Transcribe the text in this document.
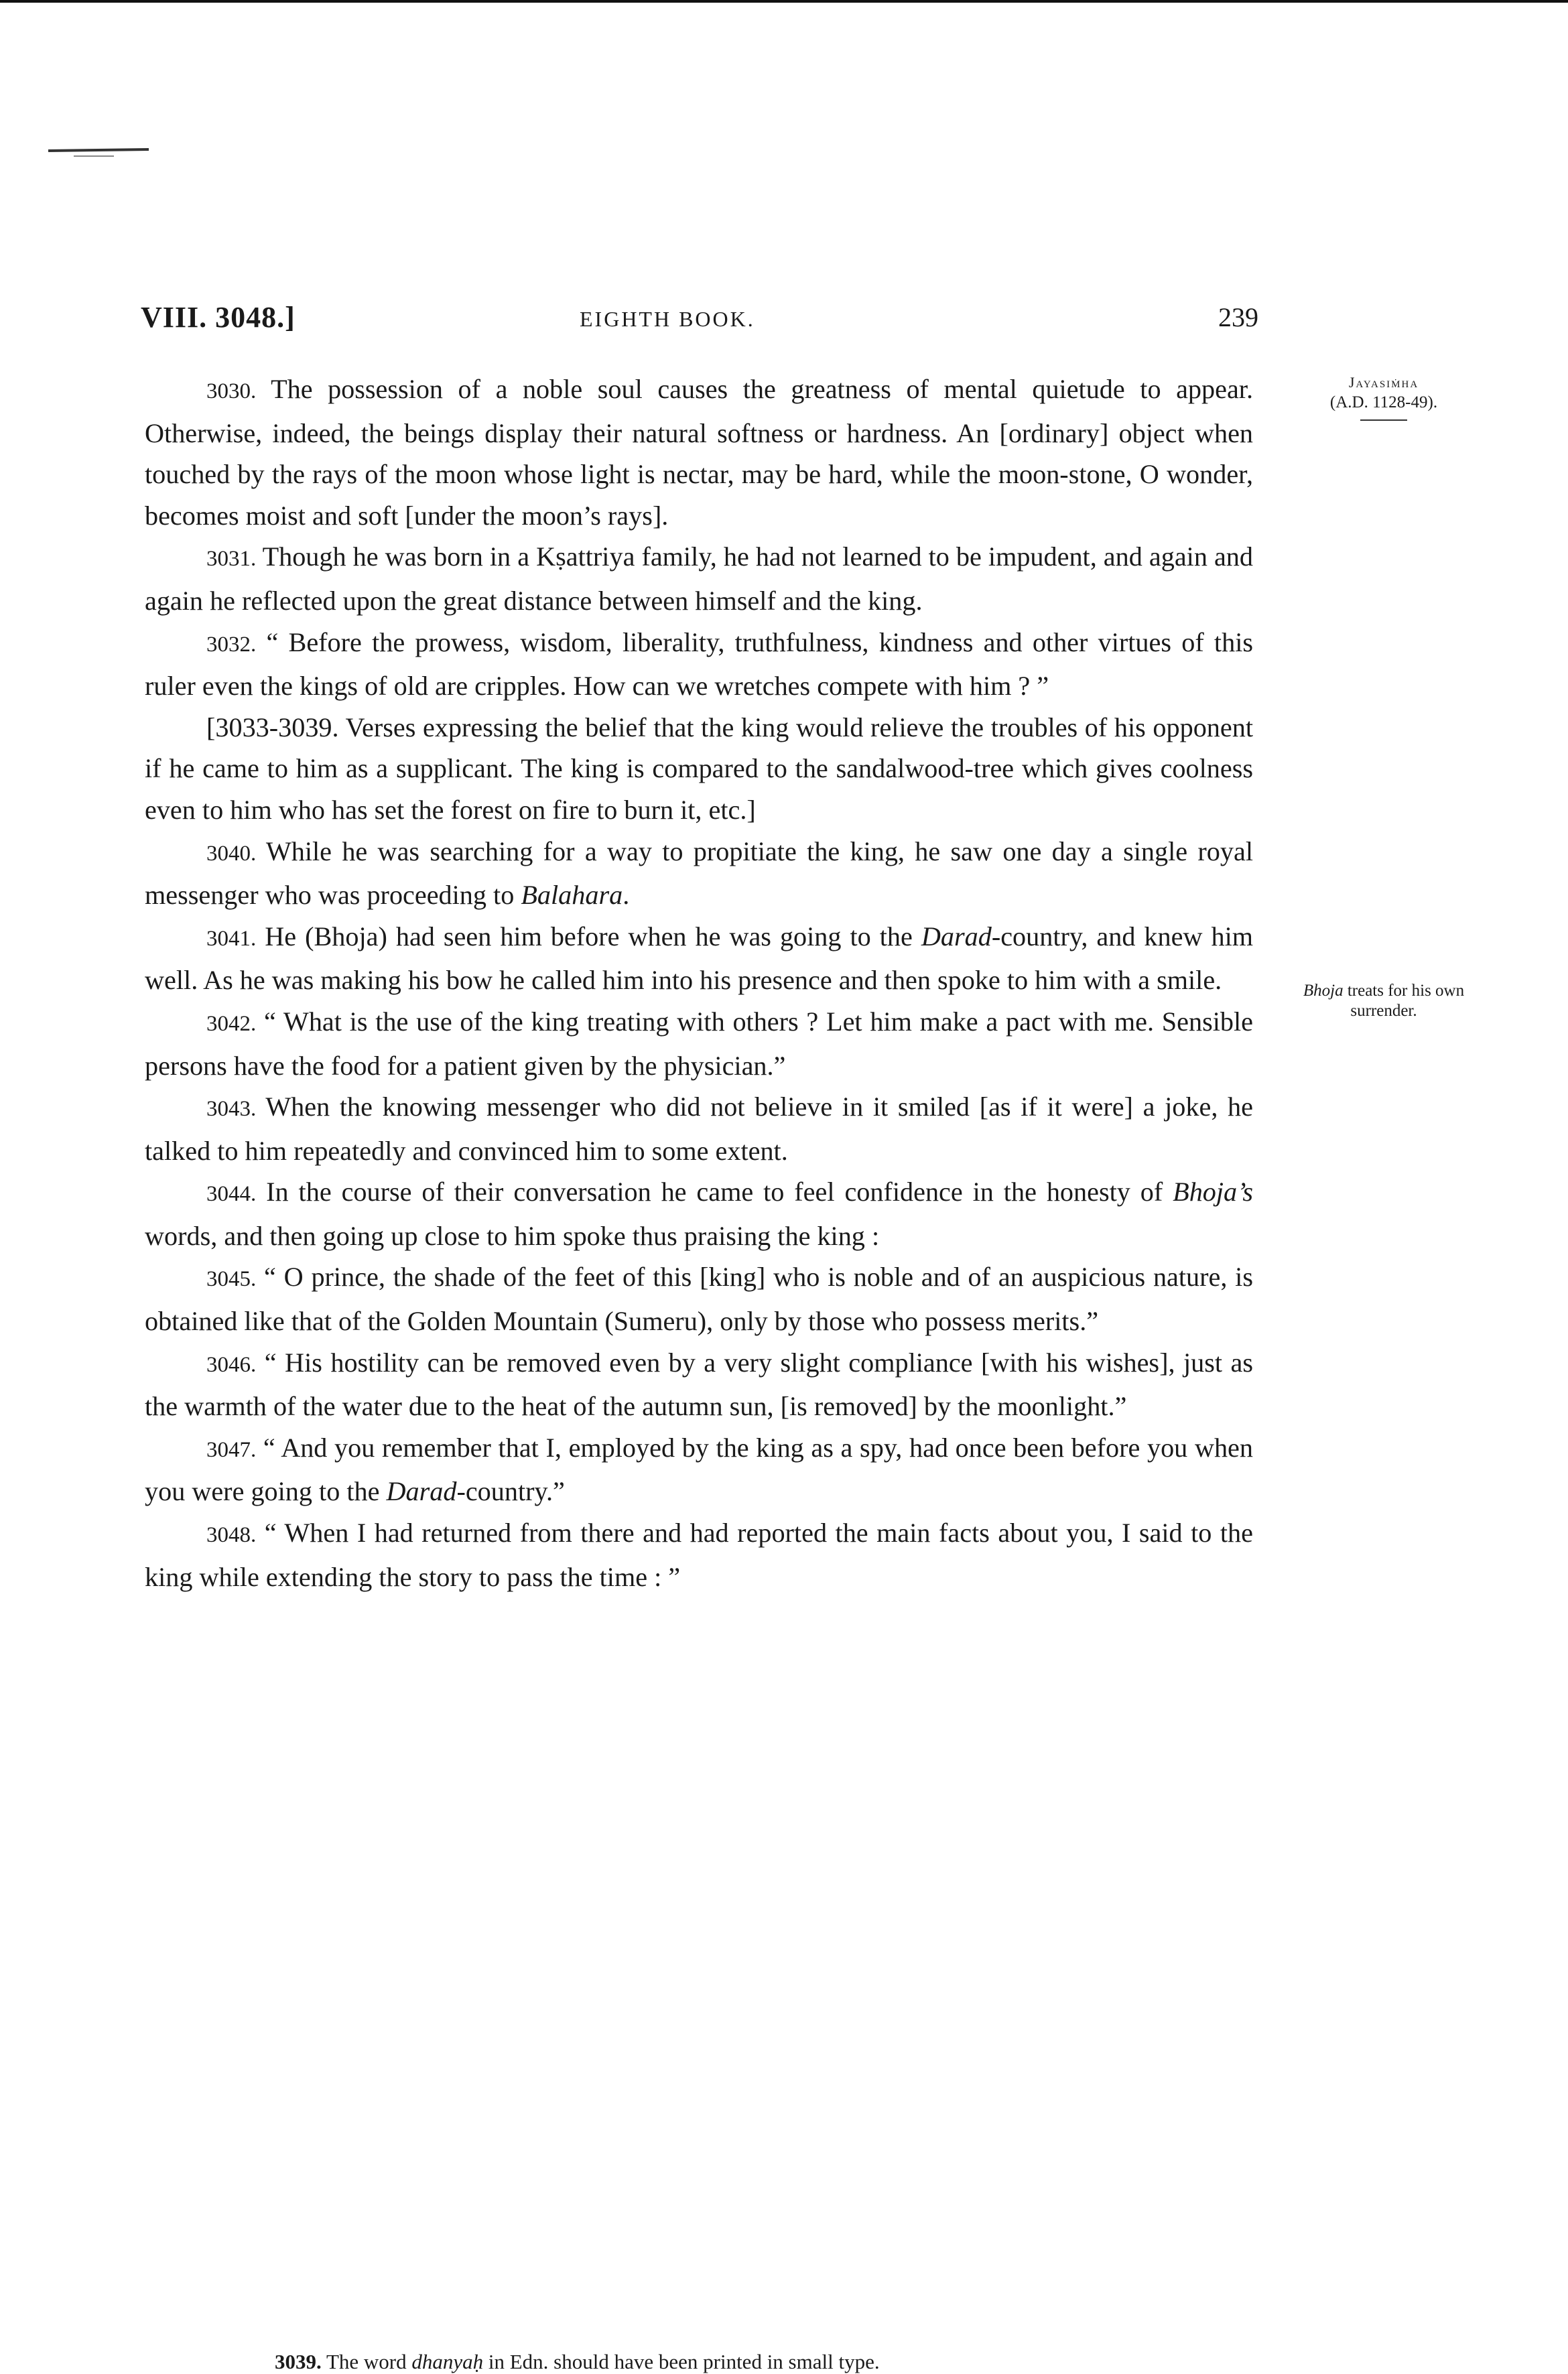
VIII. 3048.]	EIGHTH BOOK.	239
Jayasiṁha
(A.D. 1128-49).
Bhoja treats for his own surrender.

3030. The possession of a noble soul causes the greatness of mental quietude to appear. Otherwise, indeed, the beings display their natural softness or hardness. An [ordinary] object when touched by the rays of the moon whose light is nectar, may be hard, while the moon-stone, O wonder, becomes moist and soft [under the moon’s rays].

3031. Though he was born in a Kṣattriya family, he had not learned to be impudent, and again and again he reflected upon the great distance between himself and the king.

3032. “ Before the prowess, wisdom, liberality, truthfulness, kindness and other virtues of this ruler even the kings of old are cripples. How can we wretches compete with him ? ”

[3033-3039. Verses expressing the belief that the king would relieve the troubles of his opponent if he came to him as a supplicant. The king is compared to the sandalwood-tree which gives coolness even to him who has set the forest on fire to burn it, etc.]

3040. While he was searching for a way to propitiate the king, he saw one day a single royal messenger who was proceeding to Balahara.

3041. He (Bhoja) had seen him before when he was going to the Darad-country, and knew him well. As he was making his bow he called him into his presence and then spoke to him with a smile.

3042. “ What is the use of the king treating with others ? Let him make a pact with me. Sensible persons have the food for a patient given by the physician.”

3043. When the knowing messenger who did not believe in it smiled [as if it were] a joke, he talked to him repeatedly and convinced him to some extent.

3044. In the course of their conversation he came to feel confidence in the honesty of Bhoja’s words, and then going up close to him spoke thus praising the king :

3045. “ O prince, the shade of the feet of this [king] who is noble and of an auspicious nature, is obtained like that of the Golden Mountain (Sumeru), only by those who possess merits.”

3046. “ His hostility can be removed even by a very slight compliance [with his wishes], just as the warmth of the water due to the heat of the autumn sun, [is removed] by the moonlight.”

3047. “ And you remember that I, employed by the king as a spy, had once been before you when you were going to the Darad-country.”

3048. “ When I had returned from there and had reported the main facts about you, I said to the king while extending the story to pass the time : ”

3039. The word dhanyaḥ in Edn. should have been printed in small type.
